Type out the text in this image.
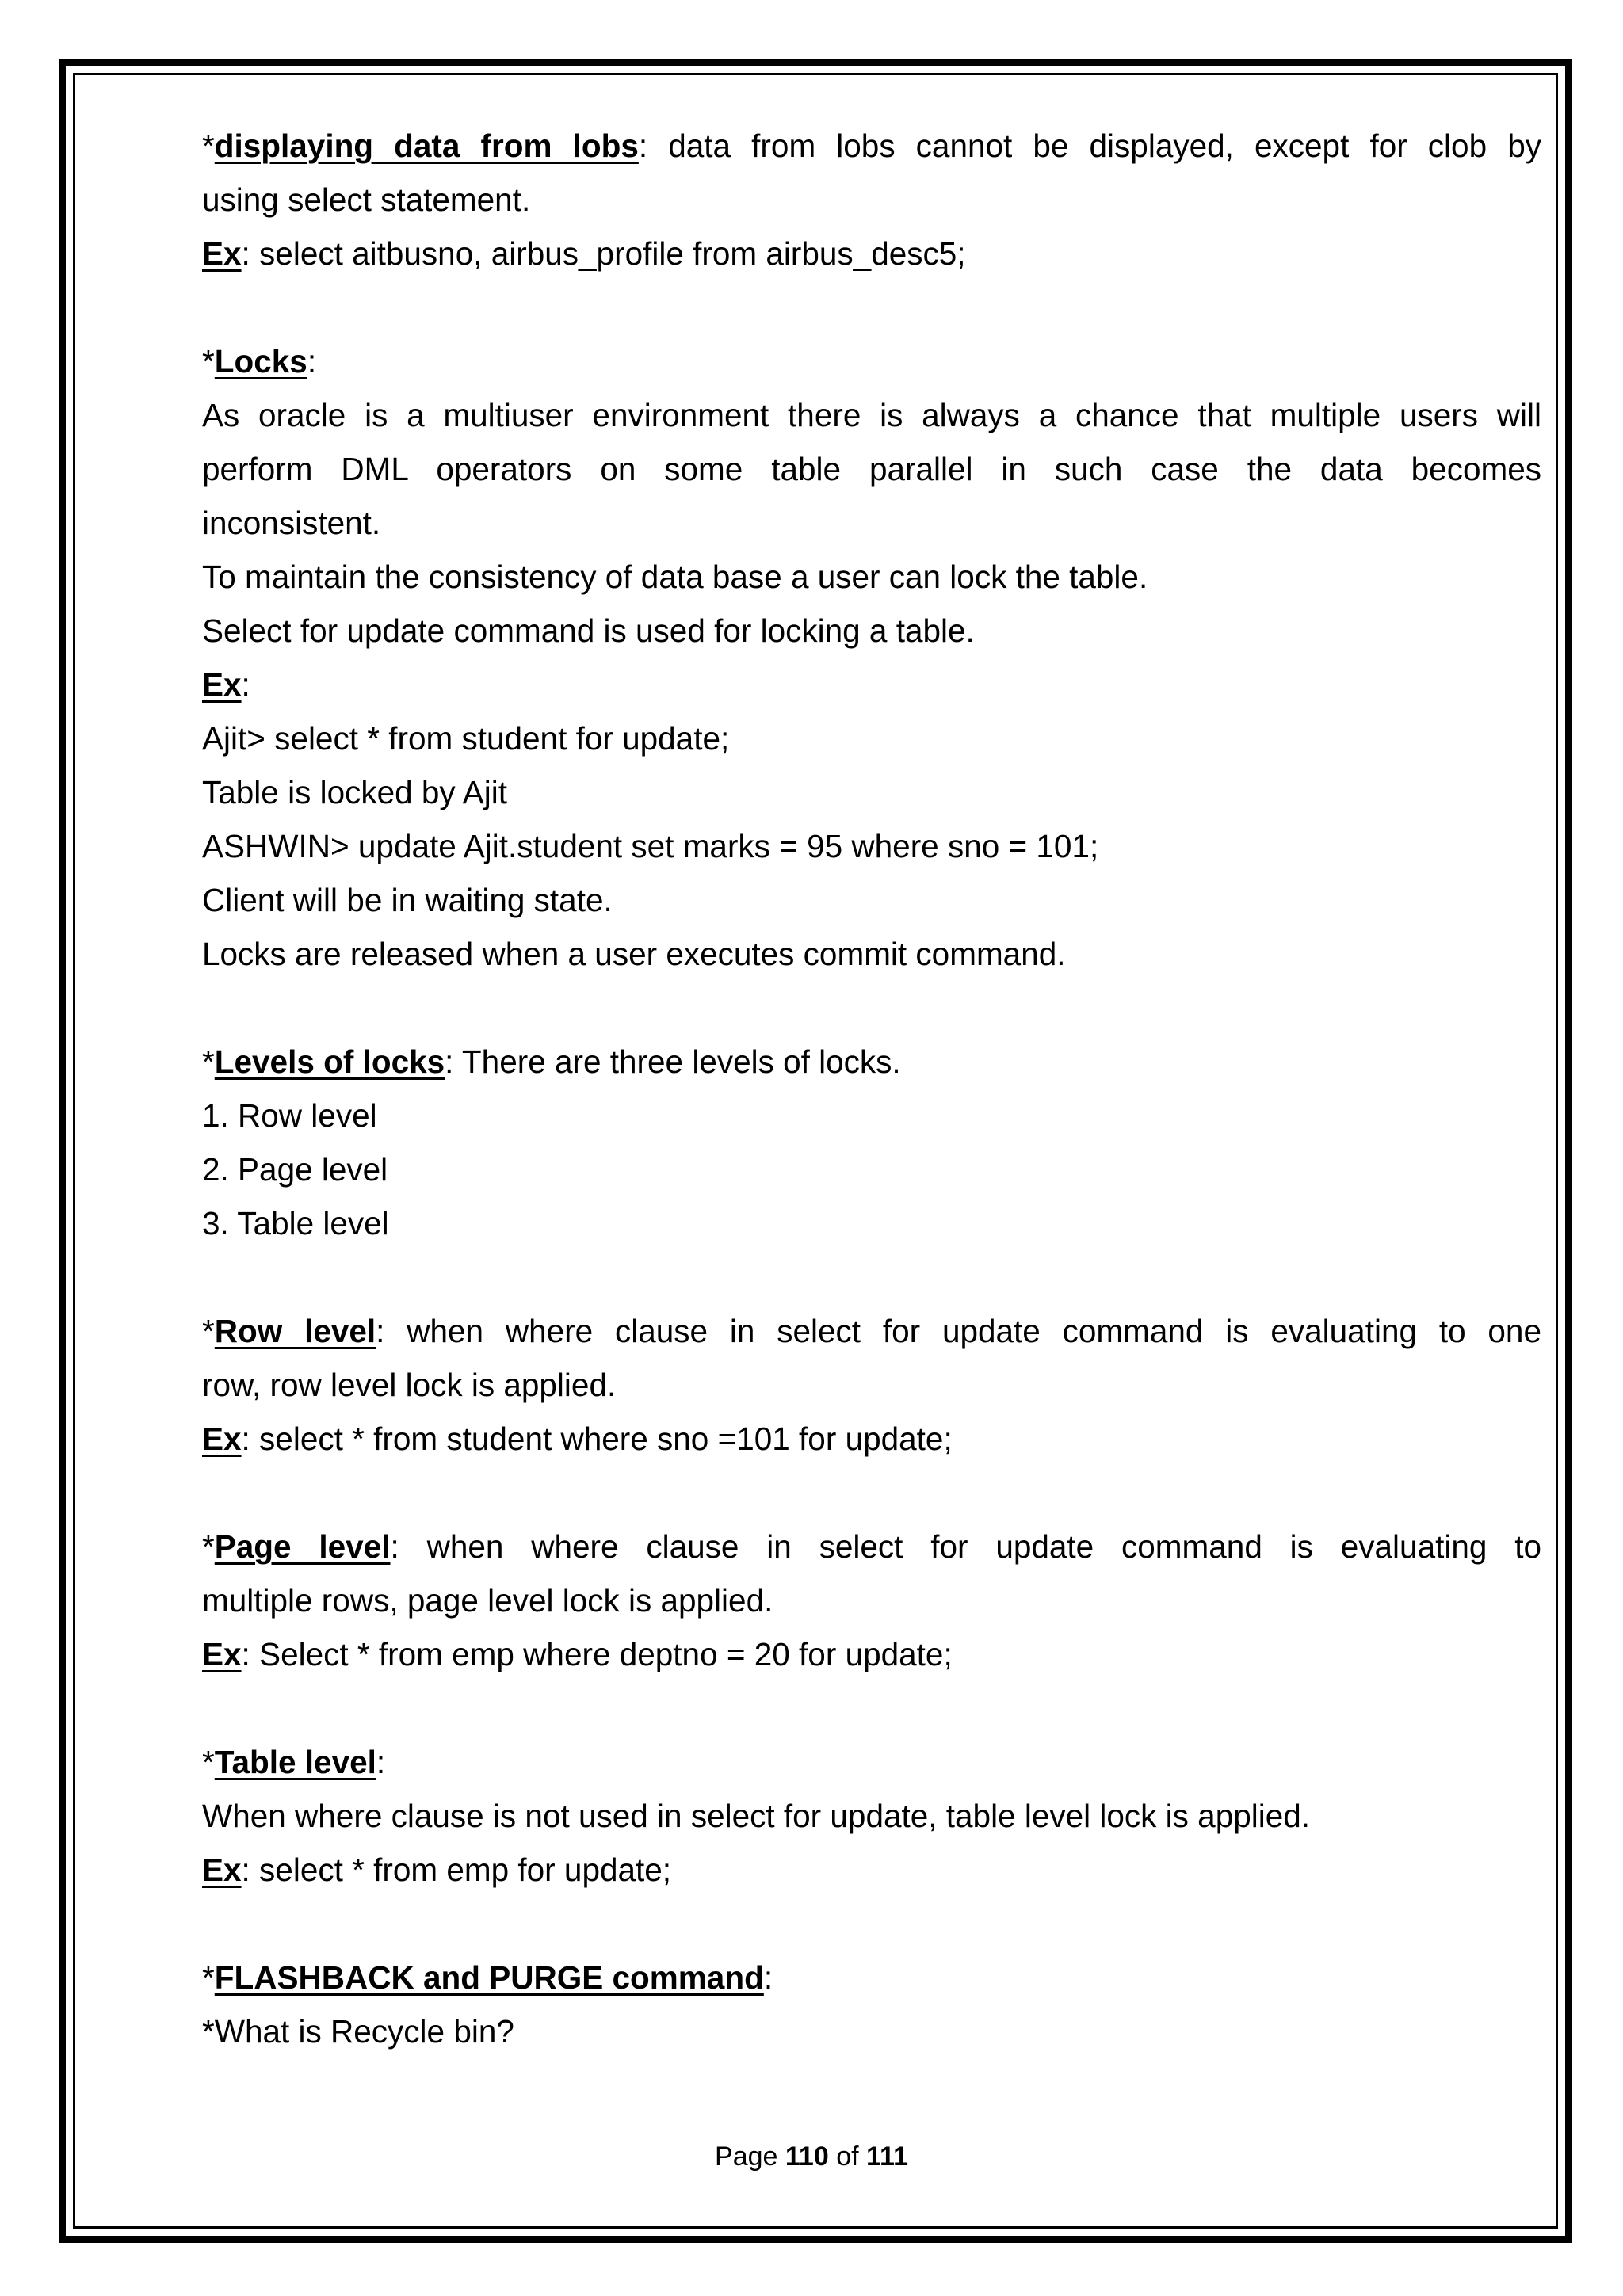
*displaying data from lobs: data from lobs cannot be displayed, except for clob by
using select statement.
Ex: select aitbusno, airbus_profile from airbus_desc5;
*Locks:
As oracle is a multiuser environment there is always a chance that multiple users will
perform DML operators on some table parallel in such case the data becomes
inconsistent.
To maintain the consistency of data base a user can lock the table.
Select for update command is used for locking a table.
Ex:
Ajit> select * from student for update;
Table is locked by Ajit
ASHWIN> update Ajit.student set marks = 95 where sno = 101;
Client will be in waiting state.
Locks are released when a user executes commit command.
*Levels of locks: There are three levels of locks.
1. Row level
2. Page level
3. Table level
*Row level: when where clause in select for update command is evaluating to one
row, row level lock is applied.
Ex: select * from student where sno =101 for update;
*Page level: when where clause in select for update command is evaluating to
multiple rows, page level lock is applied.
Ex: Select * from emp where deptno = 20 for update;
*Table level:
When where clause is not used in select for update, table level lock is applied.
Ex: select * from emp for update;
*FLASHBACK and PURGE command:
*What is Recycle bin?
Page 110 of 111
